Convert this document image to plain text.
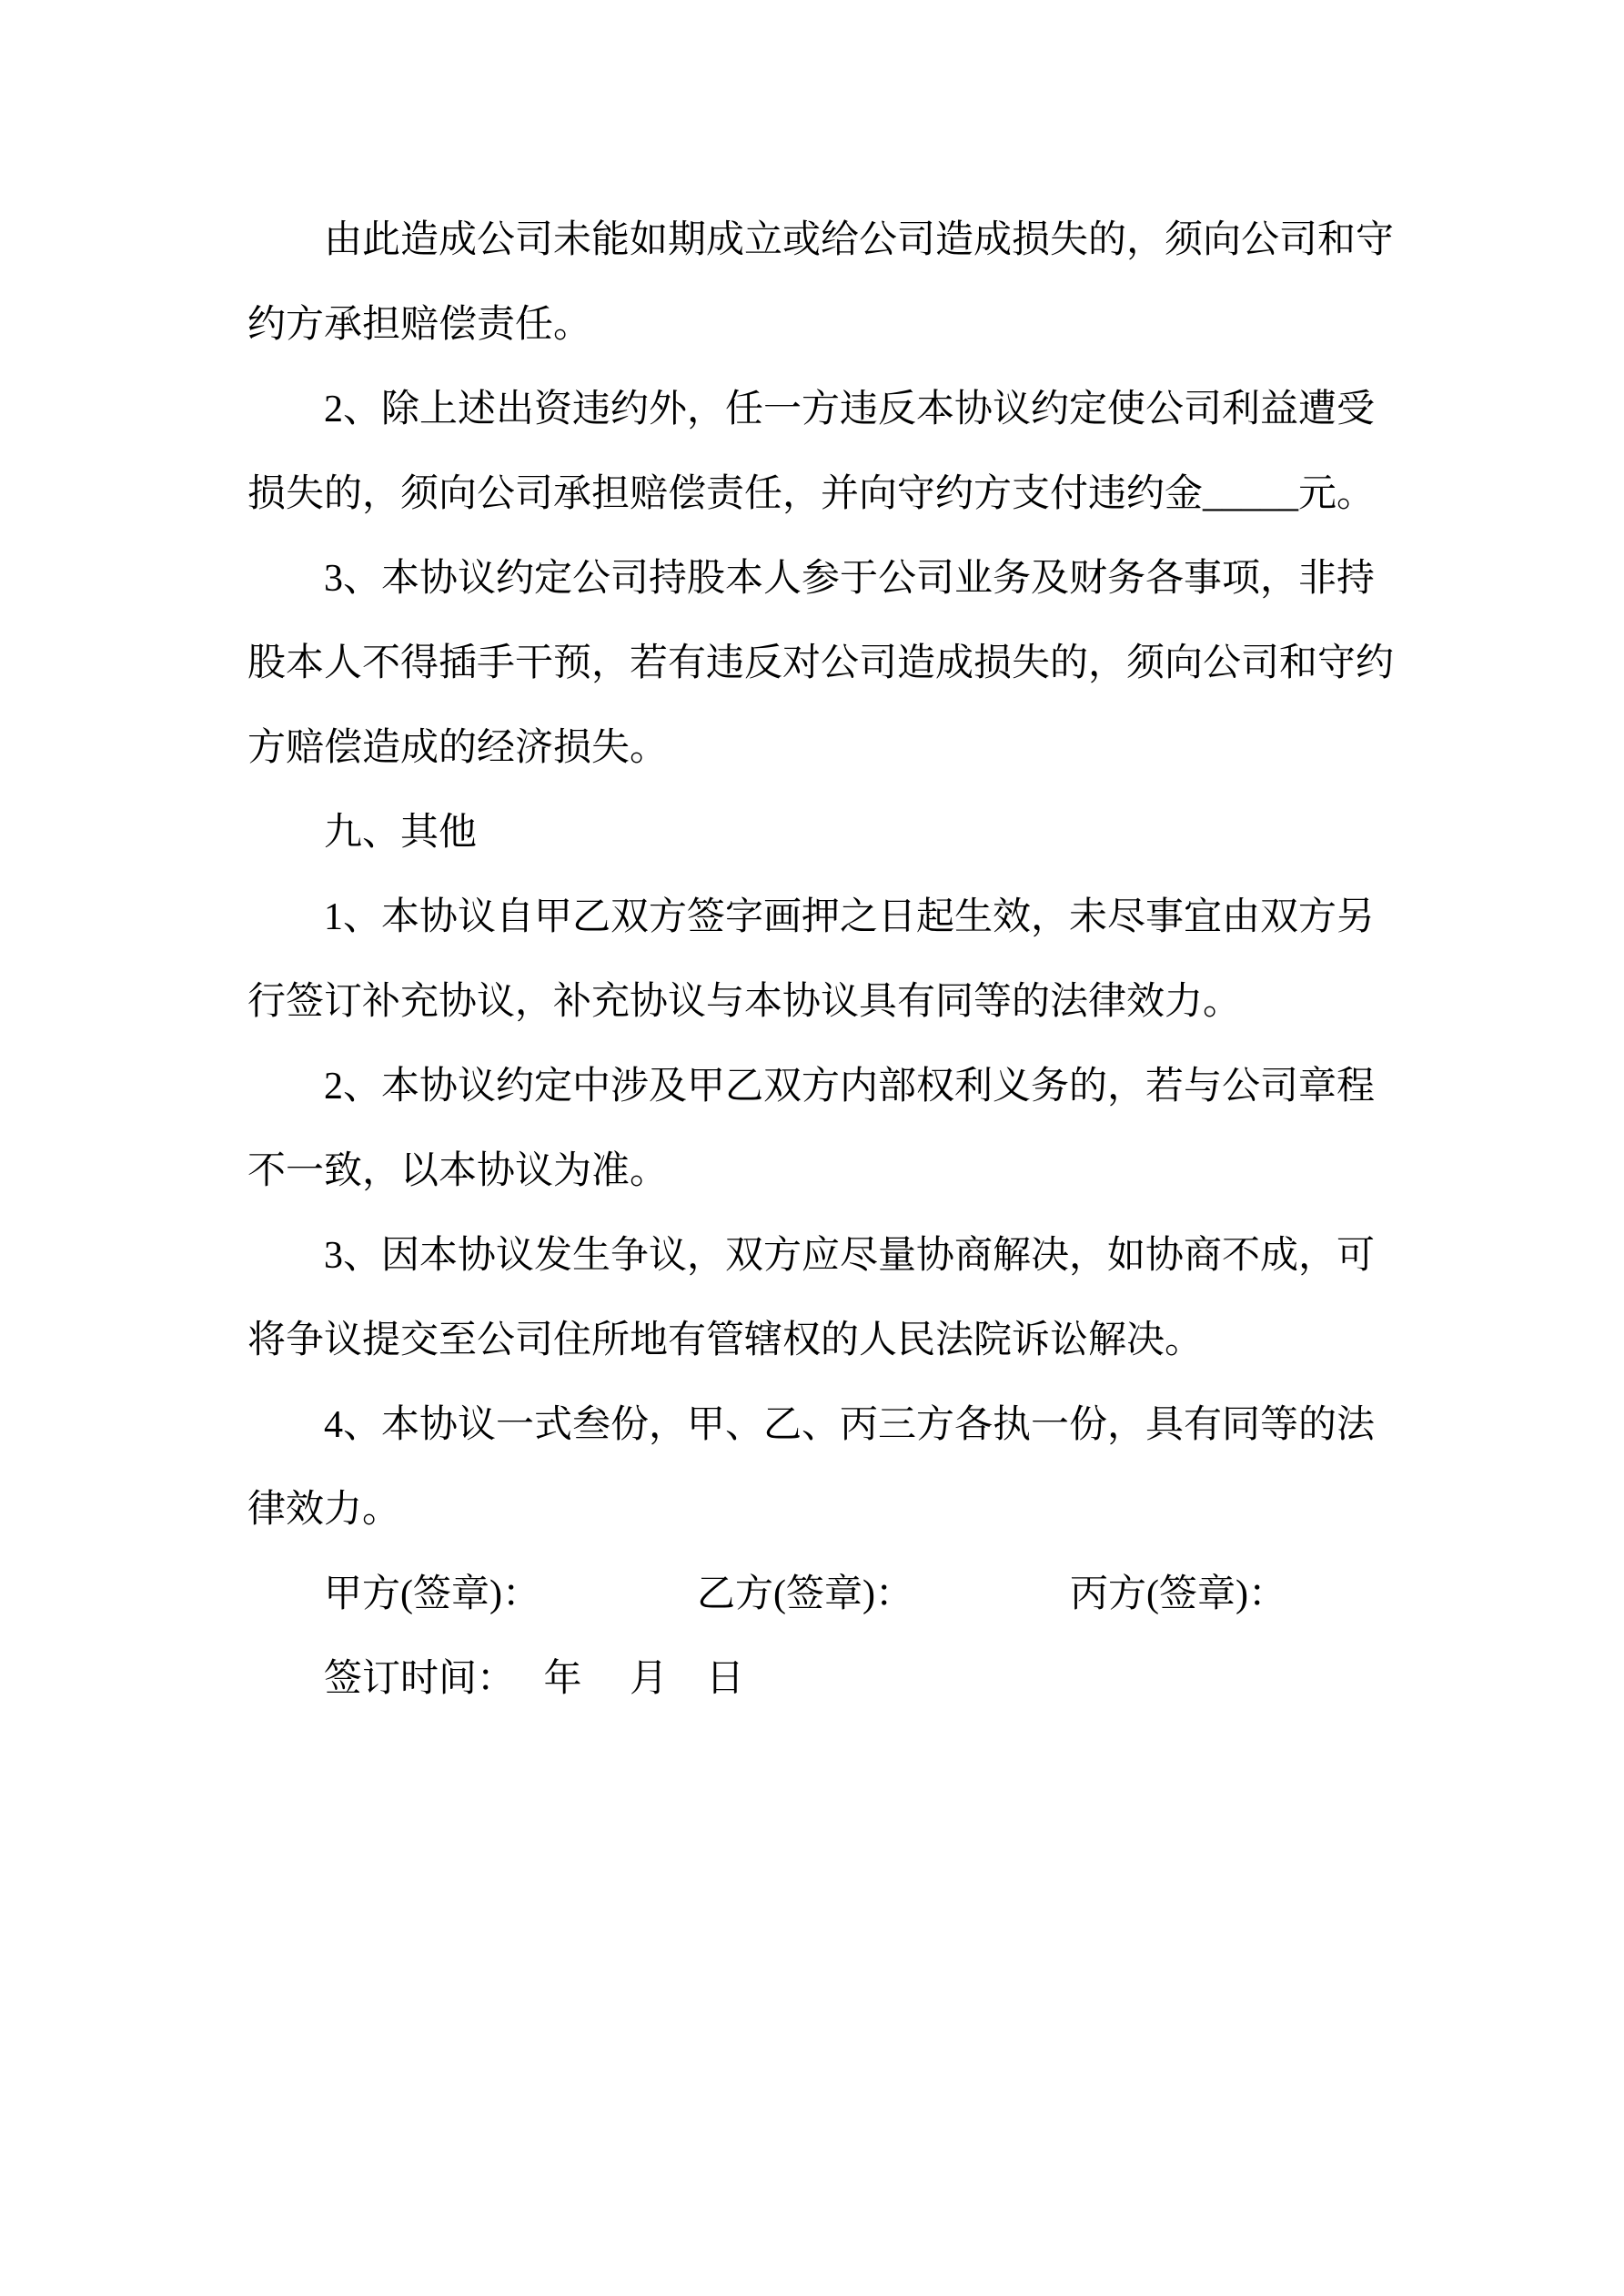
由此造成公司未能如期成立或给公司造成损失的，须向公司和守
约方承担赔偿责任。
2、除上述出资违约外，任一方违反本协议约定使公司利益遭受
损失的，须向公司承担赔偿责任，并向守约方支付违约金_____元。
3、本协议约定公司持股本人参于公司业务及财务各事项，非持
股本人不得插手干预，若有违反对公司造成损失的，须向公司和守约
方赔偿造成的经济损失。
九、其他
1、本协议自甲乙双方签字画押之日起生效，未尽事宜由双方另
行签订补充协议，补充协议与本协议具有同等的法律效力。
2、本协议约定中涉及甲乙双方内部权利义务的，若与公司章程
不一致，以本协议为准。
3、因本协议发生争议，双方应尽量协商解决，如协商不成，可
将争议提交至公司住所地有管辖权的人民法院诉讼解决。
4、本协议一式叁份，甲、乙、丙三方各执一份，具有同等的法
律效力。
甲方(签章)：	乙方(签章)：	丙方(签章)：
签订时间：　 年　 月　日
